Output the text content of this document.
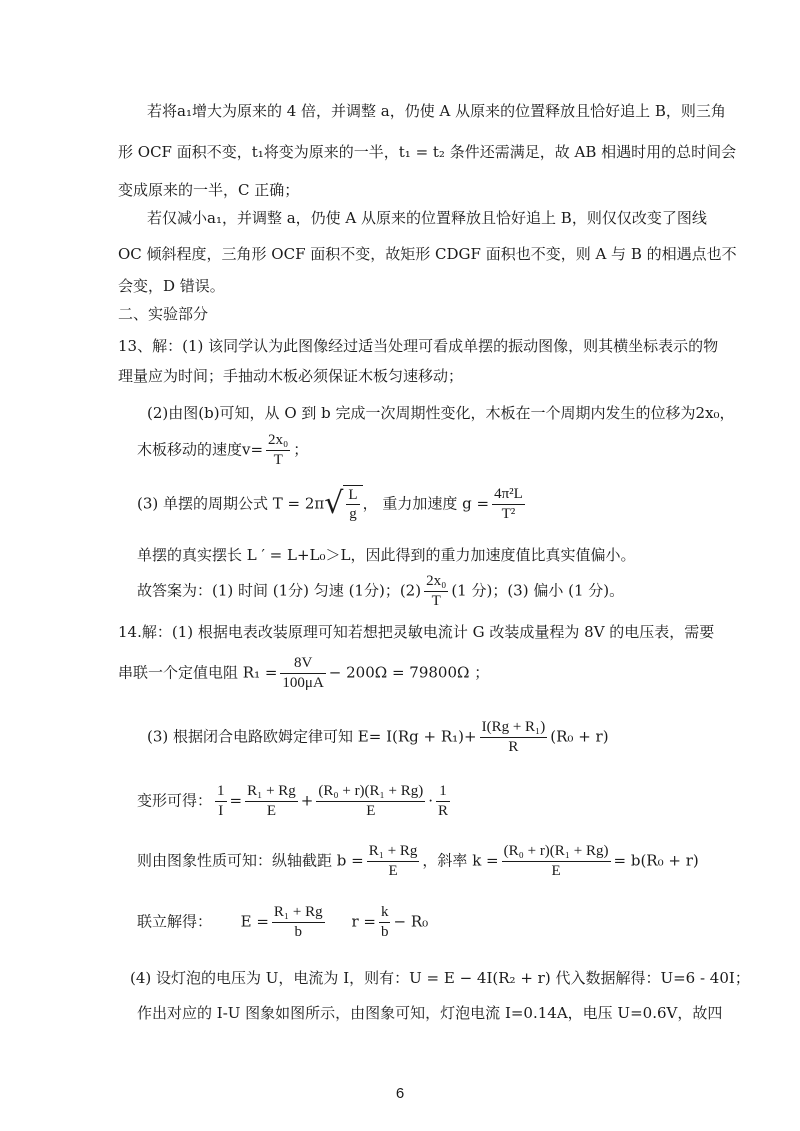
若将a₁增大为原来的 4 倍，并调整 a，仍使 A 从原来的位置释放且恰好追上 B，则三角
形 OCF 面积不变，t₁将变为原来的一半，t₁ = t₂ 条件还需满足，故 AB 相遇时用的总时间会
变成原来的一半，C 正确；
若仅减小a₁，并调整 a，仍使 A 从原来的位置释放且恰好追上 B，则仅仅改变了图线
OC 倾斜程度，三角形 OCF 面积不变，故矩形 CDGF 面积也不变，则 A 与 B 的相遇点也不
会变，D 错误。
二、实验部分
13、解：(1) 该同学认为此图像经过适当处理可看成单摆的振动图像，则其横坐标表示的物
理量应为时间；手抽动木板必须保证木板匀速移动；
(2)由图(b)可知，从 O 到 b 完成一次周期性变化，木板在一个周期内发生的位移为2x₀，
木板移动的速度$v= \frac{\text{2x₀}}{T}$ ；
(3) 单摆的周期公式 $T = 2\pi√ \frac{L}{g}$ ， 重力加速度 $g = \frac{\text{4π²L}}{\text{T²}}$
单摆的真实摆长 L ′ = L+L₀＞L，因此得到的重力加速度值比真实值偏小。
故答案为：(1) 时间 (1分) 匀速 (1分)；$(2) \frac{\text{2x₀}}{T} (1$ 分)；(3) 偏小 (1 分)。
14.解：(1) 根据电表改装原理可知若想把灵敏电流计 G 改装成量程为 8V 的电压表，需要
串联一个定值电阻 $R_1 = \frac{8V}{100\mu A} - 200\Omega = 79800\Omega$ ；
(3) 根据闭合电路欧姆定律可知 $E= I(Rg + R_1)+ \frac{\text{I(Rg + R₁)}}{R} (R_0 + r)$
变形可得： $\frac{1}{I} = \frac{\text{R₁ + Rg}}{E} + \frac{\text{(R₀ + r)(R₁ + Rg)}}{E} \cdot \frac{1}{R}$
则由图象性质可知：纵轴截距 $b = \frac{\text{R₁ + Rg}}{E}$ ，斜率 $k = \frac{\text{(R₀ + r)(R₁ + Rg)}}{E} = b(R_0 + r)$
联立解得： $E = \frac{\text{R₁ + Rg}}{b}$ $r = \frac{k}{b} - R_0$
(4) 设灯泡的电压为 U，电流为 I，则有：U = E − 4I(R₂ + r) 代入数据解得：U=6 - 40I；
作出对应的 I-U 图象如图所示，由图象可知，灯泡电流 I=0.14A，电压 U=0.6V，故四
6
